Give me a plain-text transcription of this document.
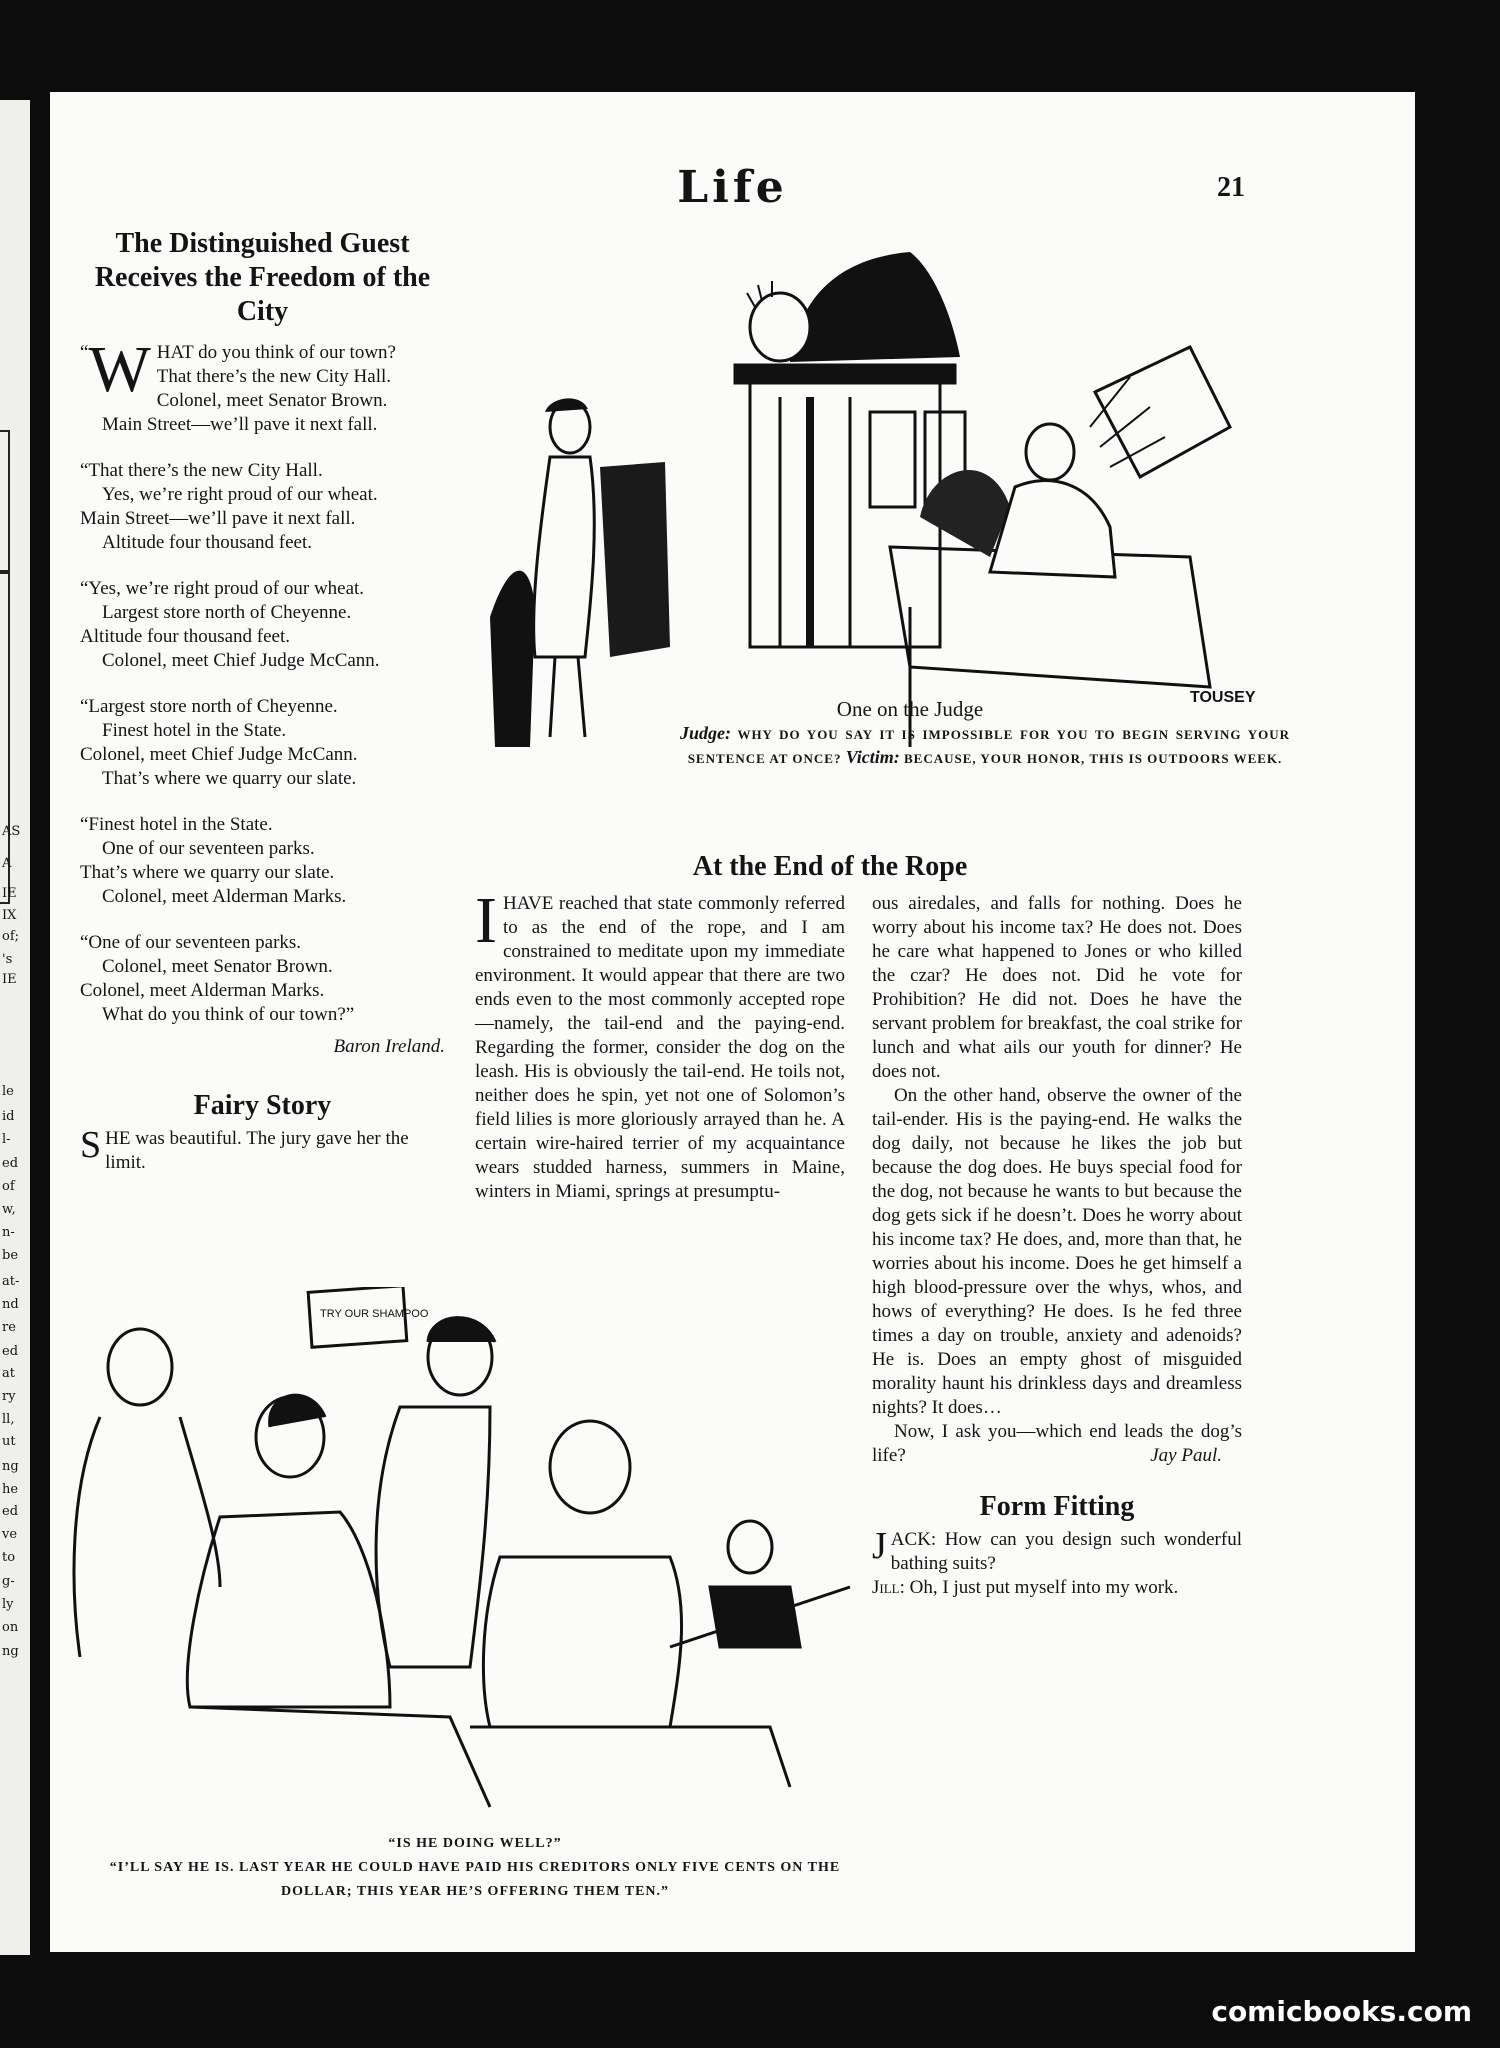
AS
A
IE
IX
of;
's
IE
le
id
l-
ed
of
w,
n-
be
at-
nd
re
ed
at
ry
ll,
ut
ng
he
ed
ve
to
g-
ly
on
ng
Life	21
The Distinguished Guest Receives the Freedom of the City

“ W HAT do you think of our town?

That there’s the new City Hall.
Colonel, meet Senator Brown.
Main Street—we’ll pave it next fall.

“That there’s the new City Hall.
Yes, we’re right proud of our wheat.
Main Street—we’ll pave it next fall.
Altitude four thousand feet.

“Yes, we’re right proud of our wheat.
Largest store north of Cheyenne.
Altitude four thousand feet.
Colonel, meet Chief Judge McCann.

“Largest store north of Cheyenne.
Finest hotel in the State.
Colonel, meet Chief Judge McCann.
That’s where we quarry our slate.

“Finest hotel in the State.
One of our seventeen parks.
That’s where we quarry our slate.
Colonel, meet Alderman Marks.

“One of our seventeen parks.
Colonel, meet Senator Brown.
Colonel, meet Alderman Marks.
What do you think of our town?”

Baron Ireland.
Fairy Story
S HE was beautiful. The jury gave her the limit.
TOUSEY
One on the Judge
Judge: WHY DO YOU SAY IT IS IMPOSSIBLE FOR YOU TO BEGIN SERVING YOUR SENTENCE AT ONCE? Victim: BECAUSE, YOUR HONOR, THIS IS OUTDOORS WEEK.
At the End of the Rope

IHAVE reached that state commonly referred to as the end of the rope, and I am constrained to meditate upon my immediate environment. It would appear that there are two ends even to the most commonly accepted rope—namely, the tail-end and the paying-end. Regarding the former, consider the dog on the leash. His is obviously the tail-end. He toils not, neither does he spin, yet not one of Solomon’s field lilies is more gloriously arrayed than he. A certain wire-haired terrier of my acquaintance wears studded harness, summers in Maine, winters in Miami, springs at presumptu-

ous airedales, and falls for nothing. Does he worry about his income tax? He does not. Does he care what happened to Jones or who killed the czar? He does not. Did he vote for Prohibition? He did not. Does he have the servant problem for breakfast, the coal strike for lunch and what ails our youth for dinner? He does not.

On the other hand, observe the owner of the tail-ender. His is the paying-end. He walks the dog daily, not because he likes the job but because the dog does. He buys special food for the dog, not because he wants to but because the dog gets sick if he doesn’t. Does he worry about his income tax? He does, and, more than that, he worries about his income. Does he get himself a high blood-pressure over the whys, whos, and hows of everything? He does. Is he fed three times a day on trouble, anxiety and adenoids? He is. Does an empty ghost of misguided morality haunt his drinkless days and dreamless nights? It does…

Now, I ask you—which end leads the dog’s life?	Jay Paul.
Form Fitting
J ACK: How can you design such wonderful bathing suits?
Jill: Oh, I just put myself into my work.
TRY OUR SHAMPOO
“IS HE DOING WELL?”
“I’LL SAY HE IS. LAST YEAR HE COULD HAVE PAID HIS CREDITORS ONLY FIVE CENTS ON THE DOLLAR; THIS YEAR HE’S OFFERING THEM TEN.”
comicbooks.com
